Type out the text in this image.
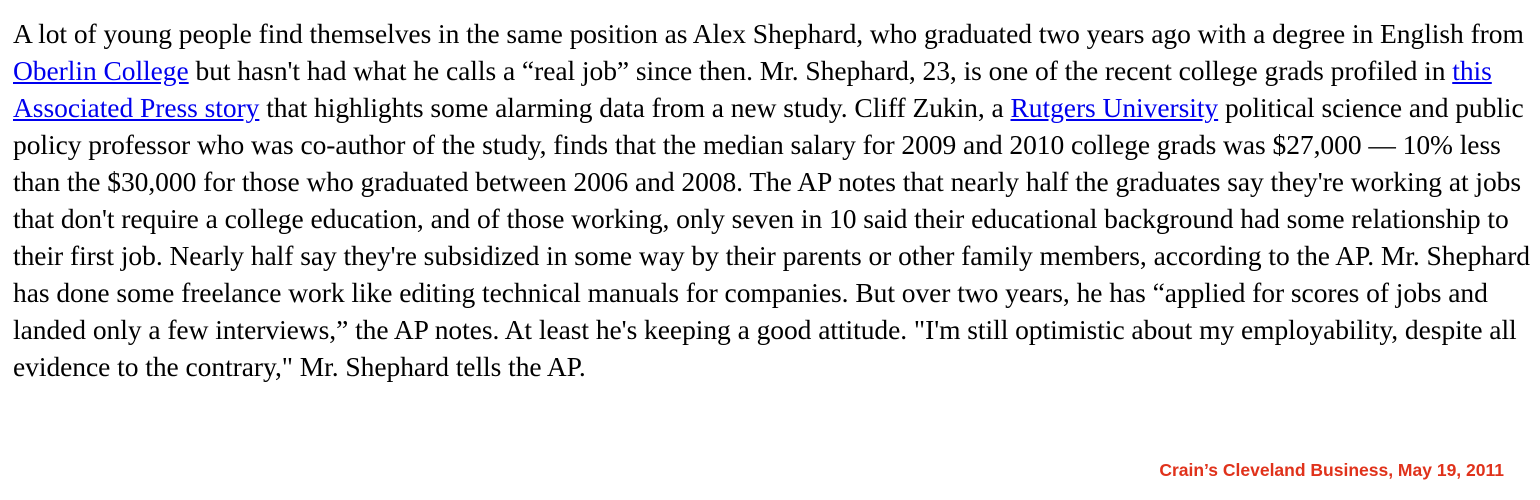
A lot of young people find themselves in the same position as Alex Shephard, who graduated two years ago with a degree in English from Oberlin College but hasn't had what he calls a “real job” since then. Mr. Shephard, 23, is one of the recent college grads profiled in this Associated Press story that highlights some alarming data from a new study. Cliff Zukin, a Rutgers University political science and public policy professor who was co-author of the study, finds that the median salary for 2009 and 2010 college grads was $27,000 — 10% less than the $30,000 for those who graduated between 2006 and 2008. The AP notes that nearly half the graduates say they're working at jobs that don't require a college education, and of those working, only seven in 10 said their educational background had some relationship to their first job. Nearly half say they're subsidized in some way by their parents or other family members, according to the AP. Mr. Shephard has done some freelance work like editing technical manuals for companies. But over two years, he has “applied for scores of jobs and landed only a few interviews,” the AP notes. At least he's keeping a good attitude. "I'm still optimistic about my employability, despite all evidence to the contrary," Mr. Shephard tells the AP.

Crain’s Cleveland Business, May 19, 2011
